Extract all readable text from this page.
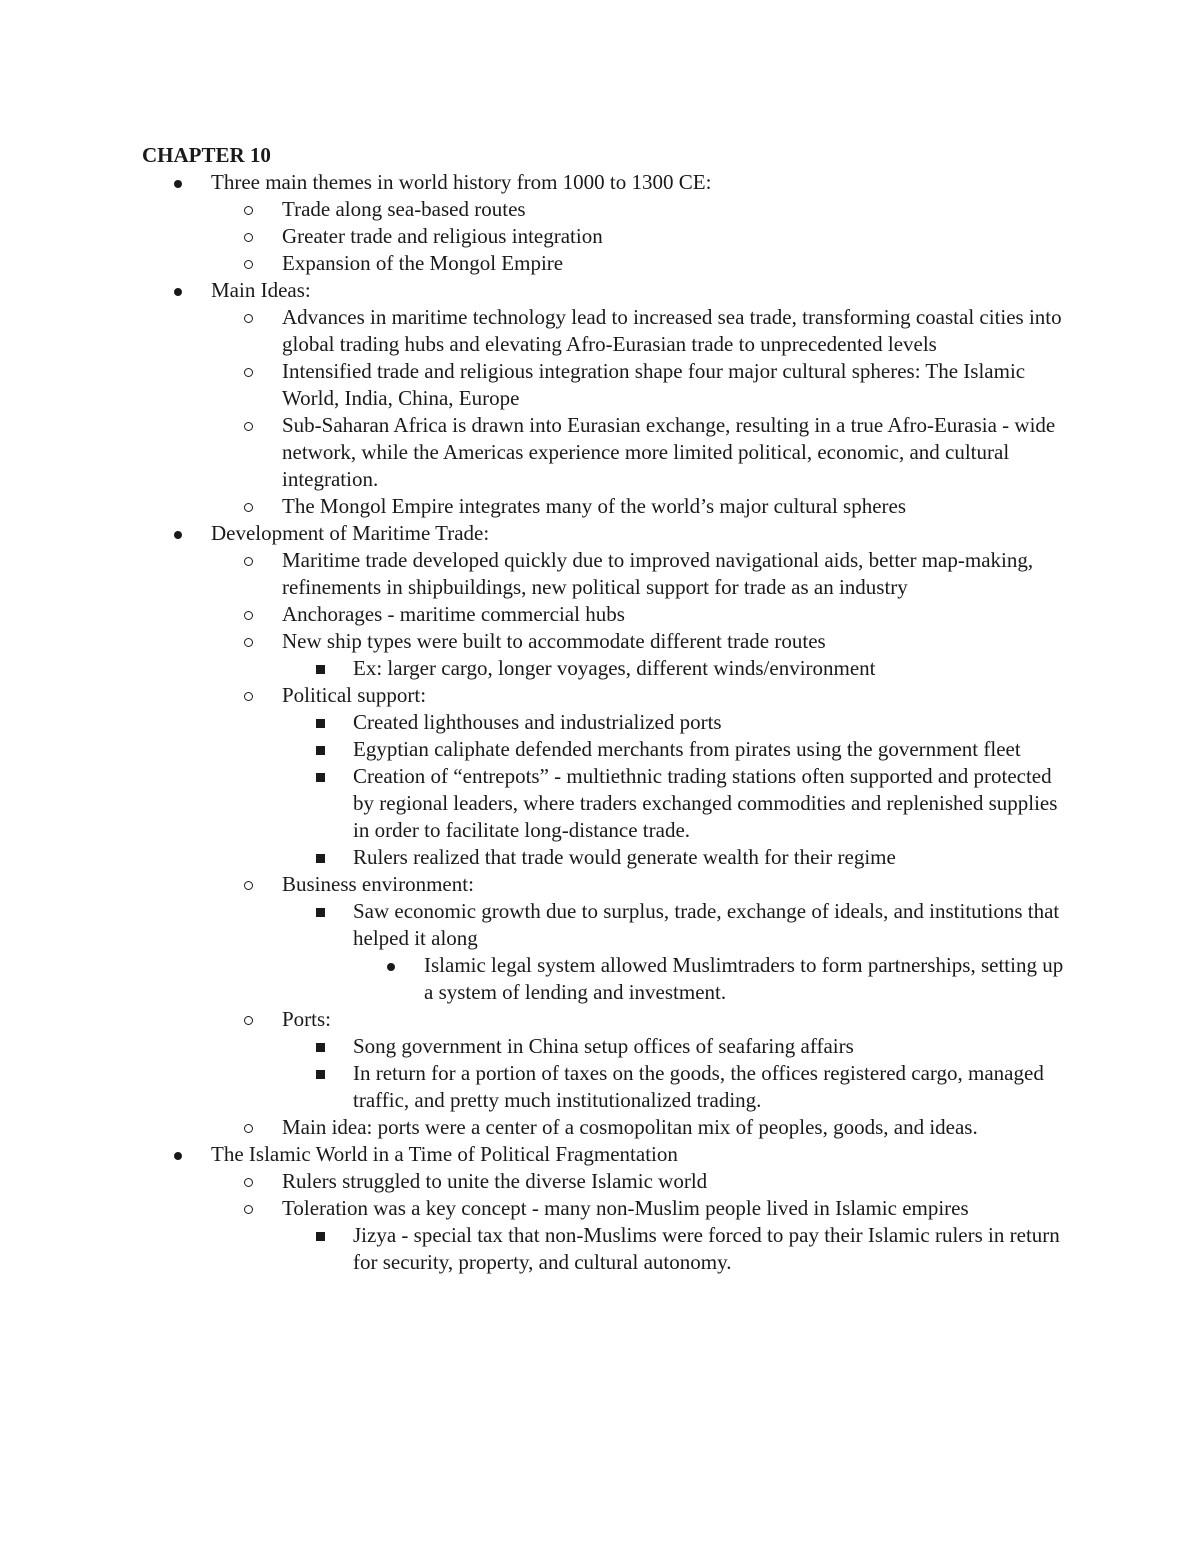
CHAPTER 10
Three main themes in world history from 1000 to 1300 CE:
Trade along sea-based routes
Greater trade and religious integration
Expansion of the Mongol Empire
Main Ideas:
Advances in maritime technology lead to increased sea trade, transforming coastal cities into global trading hubs and elevating Afro-Eurasian trade to unprecedented levels
Intensified trade and religious integration shape four major cultural spheres: The Islamic World, India, China, Europe
Sub-Saharan Africa is drawn into Eurasian exchange, resulting in a true Afro-Eurasia - wide network, while the Americas experience more limited political, economic, and cultural integration.
The Mongol Empire integrates many of the world’s major cultural spheres
Development of Maritime Trade:
Maritime trade developed quickly due to improved navigational aids, better map-making, refinements in shipbuildings, new political support for trade as an industry
Anchorages - maritime commercial hubs
New ship types were built to accommodate different trade routes
Ex: larger cargo, longer voyages, different winds/environment
Political support:
Created lighthouses and industrialized ports
Egyptian caliphate defended merchants from pirates using the government fleet
Creation of “entrepots” - multiethnic trading stations often supported and protected by regional leaders, where traders exchanged commodities and replenished supplies in order to facilitate long-distance trade.
Rulers realized that trade would generate wealth for their regime
Business environment:
Saw economic growth due to surplus, trade, exchange of ideals, and institutions that helped it along
Islamic legal system allowed Muslimtraders to form partnerships, setting up a system of lending and investment.
Ports:
Song government in China setup offices of seafaring affairs
In return for a portion of taxes on the goods, the offices registered cargo, managed traffic, and pretty much institutionalized trading.
Main idea: ports were a center of a cosmopolitan mix of peoples, goods, and ideas.
The Islamic World in a Time of Political Fragmentation
Rulers struggled to unite the diverse Islamic world
Toleration was a key concept - many non-Muslim people lived in Islamic empires
Jizya - special tax that non-Muslims were forced to pay their Islamic rulers in return for security, property, and cultural autonomy.
